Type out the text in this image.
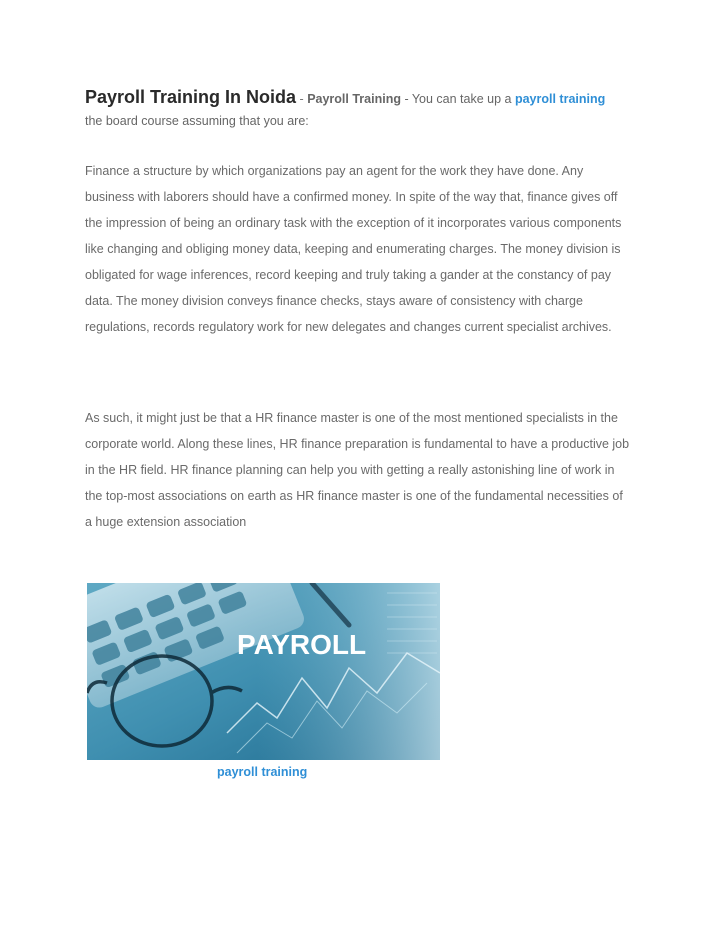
Payroll Training In Noida - Payroll Training - You can take up a payroll training
the board course assuming that you are:

Finance a structure by which organizations pay an agent for the work they have done. Any business with laborers should have a confirmed money. In spite of the way that, finance gives off the impression of being an ordinary task with the exception of it incorporates various components like changing and obliging money data, keeping and enumerating charges. The money division is obligated for wage inferences, record keeping and truly taking a gander at the constancy of pay data. The money division conveys finance checks, stays aware of consistency with charge regulations, records regulatory work for new delegates and changes current specialist archives.

As such, it might just be that a HR finance master is one of the most mentioned specialists in the corporate world. Along these lines, HR finance preparation is fundamental to have a productive job in the HR field. HR finance planning can help you with getting a really astonishing line of work in the top-most associations on earth as HR finance master is one of the fundamental necessities of a huge extension association

PAYROLL
payroll training
